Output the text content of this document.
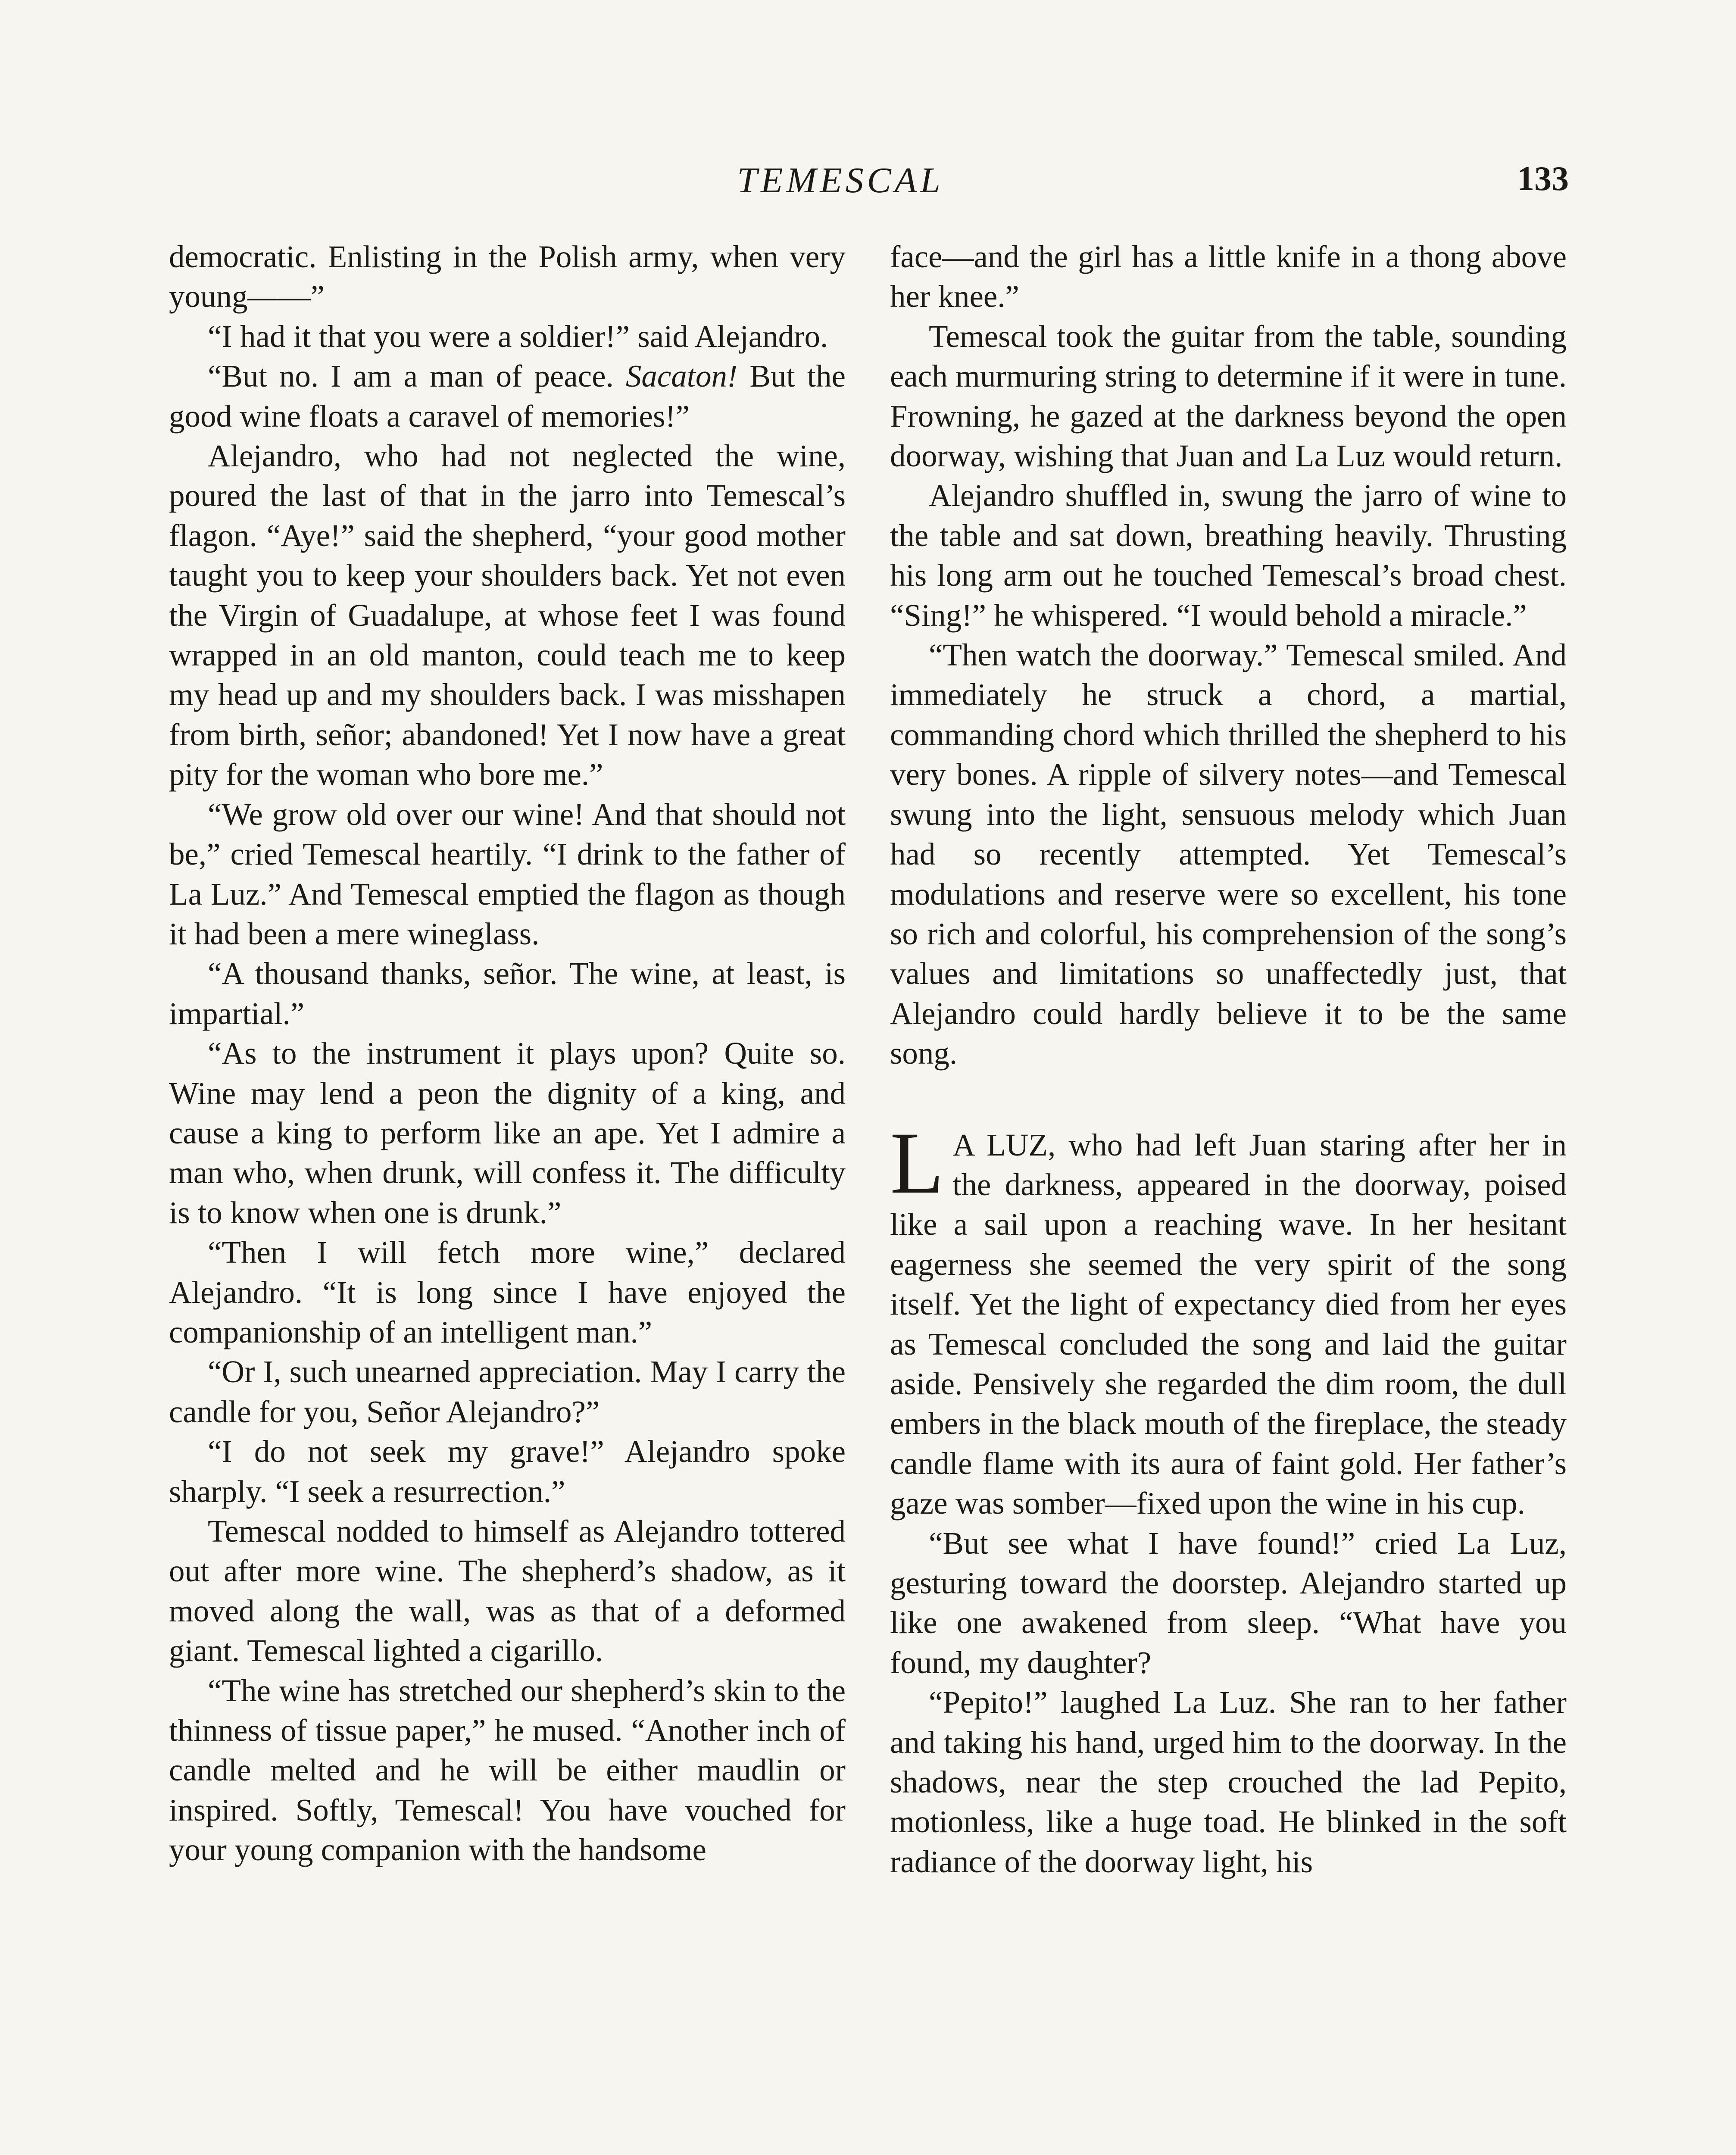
TEMESCAL	133

democratic. Enlisting in the Polish army, when very young——”

“I had it that you were a soldier!” said Alejandro.

“But no. I am a man of peace. Sacaton! But the good wine floats a caravel of memories!”

Alejandro, who had not neglected the wine, poured the last of that in the jarro into Temescal’s flagon. “Aye!” said the shepherd, “your good mother taught you to keep your shoulders back. Yet not even the Virgin of Guadalupe, at whose feet I was found wrapped in an old manton, could teach me to keep my head up and my shoulders back. I was misshapen from birth, señor; abandoned! Yet I now have a great pity for the woman who bore me.”

“We grow old over our wine! And that should not be,” cried Temescal heartily. “I drink to the father of La Luz.” And Temescal emptied the flagon as though it had been a mere wineglass.

“A thousand thanks, señor. The wine, at least, is impartial.”

“As to the instrument it plays upon? Quite so. Wine may lend a peon the dignity of a king, and cause a king to perform like an ape. Yet I admire a man who, when drunk, will confess it. The difficulty is to know when one is drunk.”

“Then I will fetch more wine,” declared Alejandro. “It is long since I have enjoyed the companionship of an intelligent man.”

“Or I, such unearned appreciation. May I carry the candle for you, Señor Alejandro?”

“I do not seek my grave!” Alejandro spoke sharply. “I seek a resurrection.”

Temescal nodded to himself as Alejandro tottered out after more wine. The shepherd’s shadow, as it moved along the wall, was as that of a deformed giant. Temescal lighted a cigarillo.

“The wine has stretched our shepherd’s skin to the thinness of tissue paper,” he mused. “Another inch of candle melted and he will be either maudlin or inspired. Softly, Temescal! You have vouched for your young companion with the handsome

face—and the girl has a little knife in a thong above her knee.”

Temescal took the guitar from the table, sounding each murmuring string to determine if it were in tune. Frowning, he gazed at the darkness beyond the open doorway, wishing that Juan and La Luz would return.

Alejandro shuffled in, swung the jarro of wine to the table and sat down, breathing heavily. Thrusting his long arm out he touched Temescal’s broad chest. “Sing!” he whispered. “I would behold a miracle.”

“Then watch the doorway.” Temescal smiled. And immediately he struck a chord, a martial, commanding chord which thrilled the shepherd to his very bones. A ripple of silvery notes—and Temescal swung into the light, sensuous melody which Juan had so recently attempted. Yet Temescal’s modulations and reserve were so excellent, his tone so rich and colorful, his comprehension of the song’s values and limitations so unaffectedly just, that Alejandro could hardly believe it to be the same song.

L A LUZ, who had left Juan staring after her in the darkness, appeared in the doorway, poised like a sail upon a reaching wave. In her hesitant eagerness she seemed the very spirit of the song itself. Yet the light of expectancy died from her eyes as Temescal concluded the song and laid the guitar aside. Pensively she regarded the dim room, the dull embers in the black mouth of the fireplace, the steady candle flame with its aura of faint gold. Her father’s gaze was somber—fixed upon the wine in his cup.

“But see what I have found!” cried La Luz, gesturing toward the doorstep. Alejandro started up like one awakened from sleep. “What have you found, my daughter?

“Pepito!” laughed La Luz. She ran to her father and taking his hand, urged him to the doorway. In the shadows, near the step crouched the lad Pepito, motionless, like a huge toad. He blinked in the soft radiance of the doorway light, his
